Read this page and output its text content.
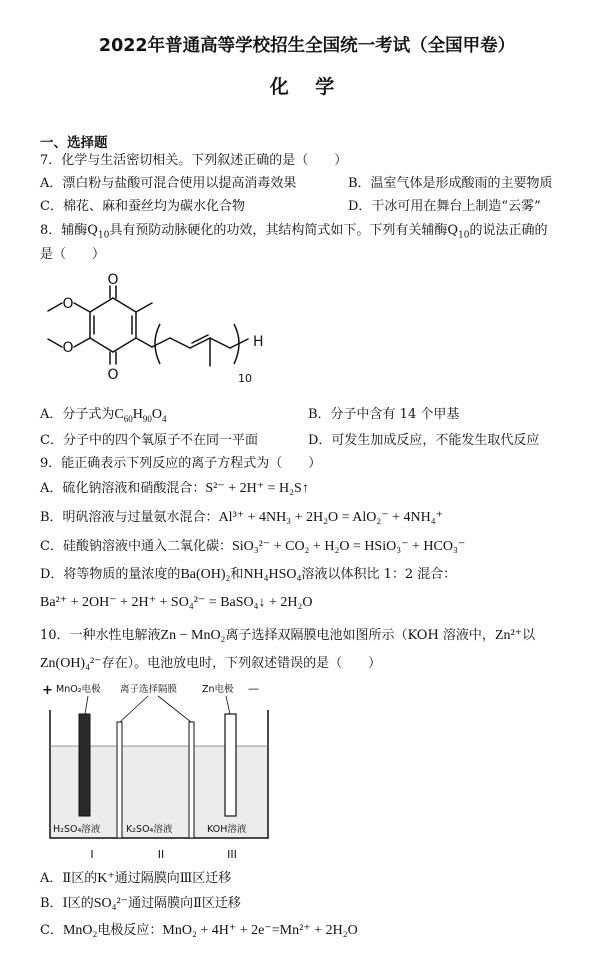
2022年普通高等学校招生全国统一考试（全国甲卷）
化 学
一、选择题
7．化学与生活密切相关。下列叙述正确的是（　　）
A．漂白粉与盐酸可混合使用以提高消毒效果	B．温室气体是形成酸雨的主要物质
C．棉花、麻和蚕丝均为碳水化合物	D．干冰可用在舞台上制造“云雾”
8．辅酶$Q_{10}$具有预防动脉硬化的功效，其结构简式如下。下列有关辅酶$Q_{10}$的说法正确的
是（　　）
O
O
O
O	H
10
A．分子式为$C_{60}H_{90}O_4$	B．分子中含有 14 个甲基
C．分子中的四个氧原子不在同一平面	D．可发生加成反应，不能发生取代反应
9．能正确表示下列反应的离子方程式为（　　）
A．硫化钠溶液和硝酸混合：S²⁻ + 2H⁺ = H₂S↑
B．明矾溶液与过量氨水混合：Al³⁺ + 4NH₃ + 2H₂O = AlO₂⁻ + 4NH₄⁺
C．硅酸钠溶液中通入二氧化碳：SiO₃²⁻ + CO₂ + H₂O = HSiO₃⁻ + HCO₃⁻
D．将等物质的量浓度的Ba(OH)₂和NH₄HSO₄溶液以体积比 1：2 混合：
Ba²⁺ + 2OH⁻ + 2H⁺ + SO₄²⁻ = BaSO₄↓ + 2H₂O
10．一种水性电解液Zn − MnO₂离子选择双隔膜电池如图所示（KOH 溶液中，Zn²⁺以
Zn(OH)₄²⁻存在）。电池放电时，下列叙述错误的是（　　）
+ MnO₂电极 离子选择隔膜	Zn电极 —
H₂SO₄溶液	K₂SO₄溶液	KOH溶液
I	II	III
A．Ⅱ区的K⁺通过隔膜向Ⅲ区迁移
B．Ⅰ区的SO₄²⁻通过隔膜向Ⅱ区迁移
C．MnO₂电极反应：MnO₂ + 4H⁺ + 2e⁻=Mn²⁺ + 2H₂O
